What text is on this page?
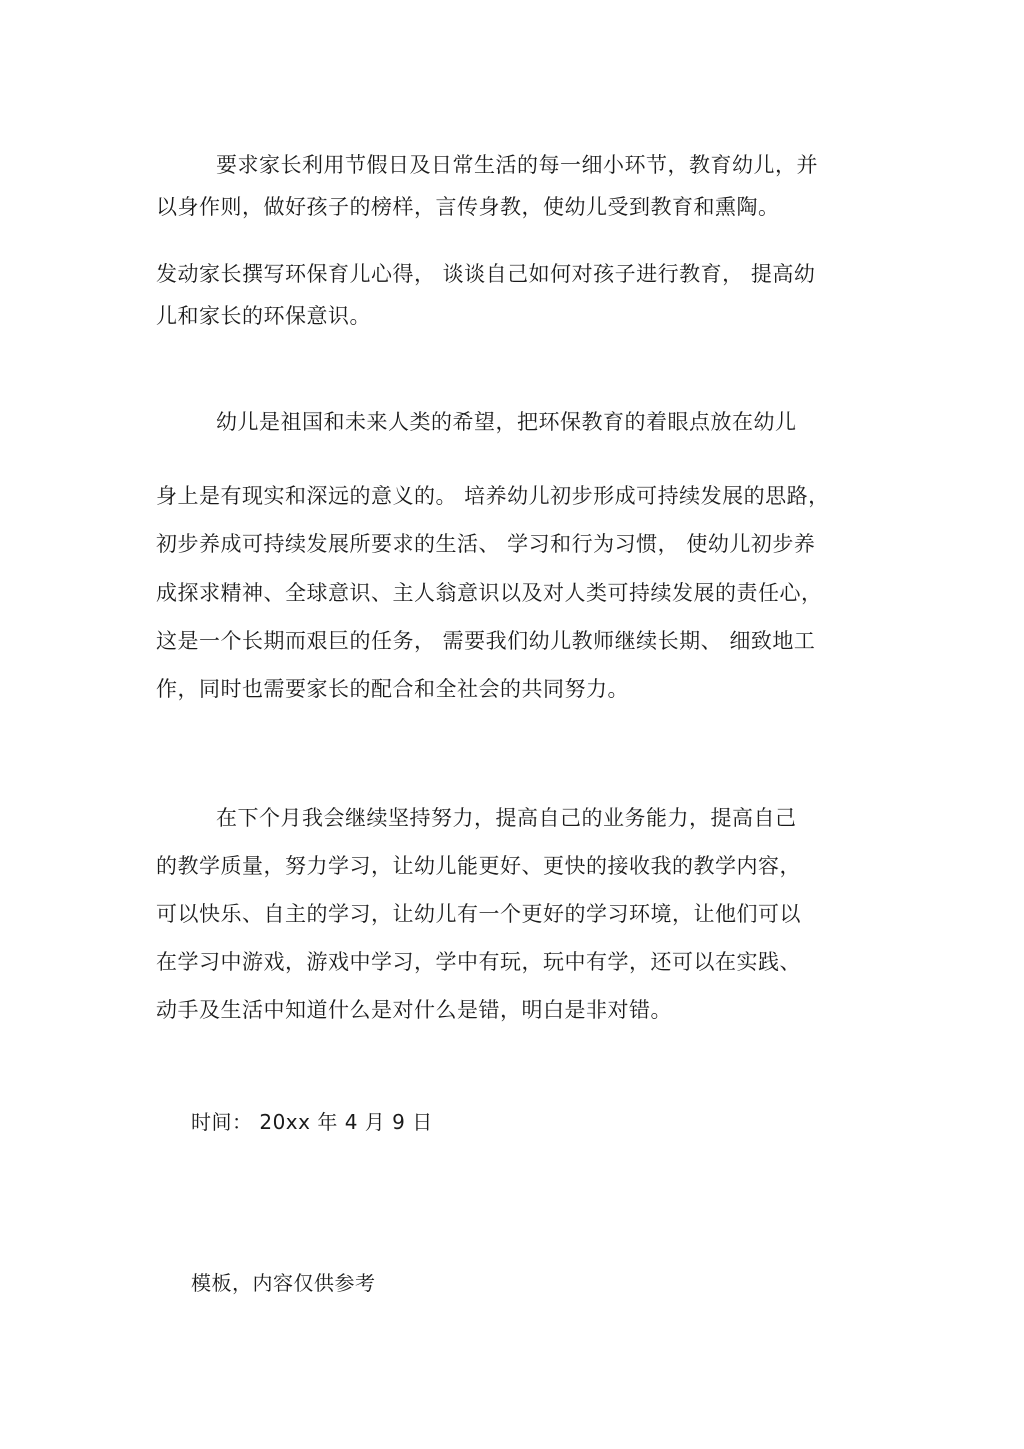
要求家长利用节假日及日常生活的每一细小环节，教育幼儿，并
以身作则，做好孩子的榜样，言传身教，使幼儿受到教育和熏陶。
发动家长撰写环保育儿心得， 谈谈自己如何对孩子进行教育， 提高幼
儿和家长的环保意识。
幼儿是祖国和未来人类的希望，把环保教育的着眼点放在幼儿
身上是有现实和深远的意义的。 培养幼儿初步形成可持续发展的思路，
初步养成可持续发展所要求的生活、 学习和行为习惯， 使幼儿初步养
成探求精神、全球意识、主人翁意识以及对人类可持续发展的责任心，
这是一个长期而艰巨的任务， 需要我们幼儿教师继续长期、 细致地工
作，同时也需要家长的配合和全社会的共同努力。
在下个月我会继续坚持努力，提高自己的业务能力，提高自己
的教学质量，努力学习，让幼儿能更好、更快的接收我的教学内容，
可以快乐、自主的学习，让幼儿有一个更好的学习环境，让他们可以
在学习中游戏，游戏中学习，学中有玩，玩中有学，还可以在实践、
动手及生活中知道什么是对什么是错，明白是非对错。
时间： 20xx 年 4 月 9 日
模板，内容仅供参考
